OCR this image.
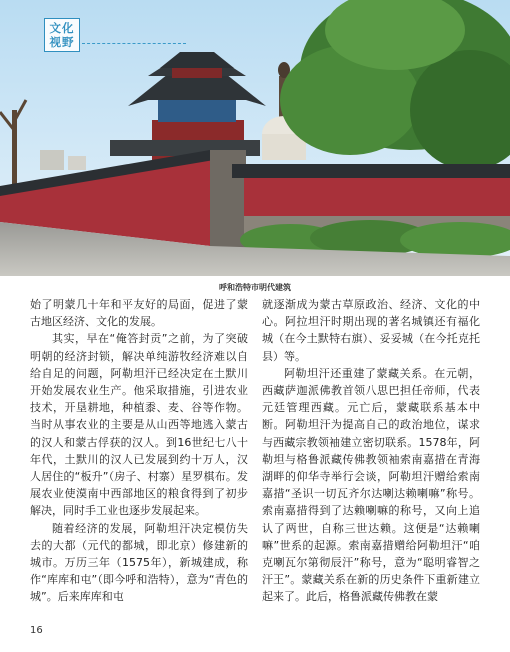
文化
视野
呼和浩特市明代建筑

始了明蒙几十年和平友好的局面，促进了蒙古地区经济、文化的发展。

其实，早在“俺答封贡”之前，为了突破明朝的经济封锁，解决单纯游牧经济难以自给自足的问题，阿勒坦汗已经决定在土默川开始发展农业生产。他采取措施，引进农业技术，开垦耕地，种植黍、麦、谷等作物。当时从事农业的主要是从山西等地逃入蒙古的汉人和蒙古俘获的汉人。到16世纪七八十年代，土默川的汉人已发展到约十万人，汉人居住的“板升”（房子、村寨）星罗棋布。发展农业使漠南中西部地区的粮食得到了初步解决，同时手工业也逐步发展起来。

随着经济的发展，阿勒坦汗决定模仿失去的大都（元代的都城，即北京）修建新的城市。万历三年（1575年），新城建成，称作“库库和屯”（即今呼和浩特），意为“青色的城”。后来库库和屯

就逐渐成为蒙古草原政治、经济、文化的中心。阿拉坦汗时期出现的著名城镇还有福化城（在今土默特右旗）、妥妥城（在今托克托县）等。

阿勒坦汗还重建了蒙藏关系。在元朝，西藏萨迦派佛教首领八思巴担任帝师，代表元廷管理西藏。元亡后，蒙藏联系基本中断。阿勒坦汗为提高自己的政治地位，谋求与西藏宗教领袖建立密切联系。1578年，阿勒坦与格鲁派藏传佛教领袖索南嘉措在青海湖畔的仰华寺举行会谈，阿勒坦汗赠给索南嘉措“圣识一切瓦齐尔达喇达赖喇嘛”称号。索南嘉措得到了达赖喇嘛的称号，又向上追认了两世，自称三世达赖。这便是“达赖喇嘛”世系的起源。索南嘉措赠给阿勒坦汗“咱克喇瓦尔第彻辰汗”称号，意为“聪明睿智之汗王”。蒙藏关系在新的历史条件下重新建立起来了。此后，格鲁派藏传佛教在蒙

16
